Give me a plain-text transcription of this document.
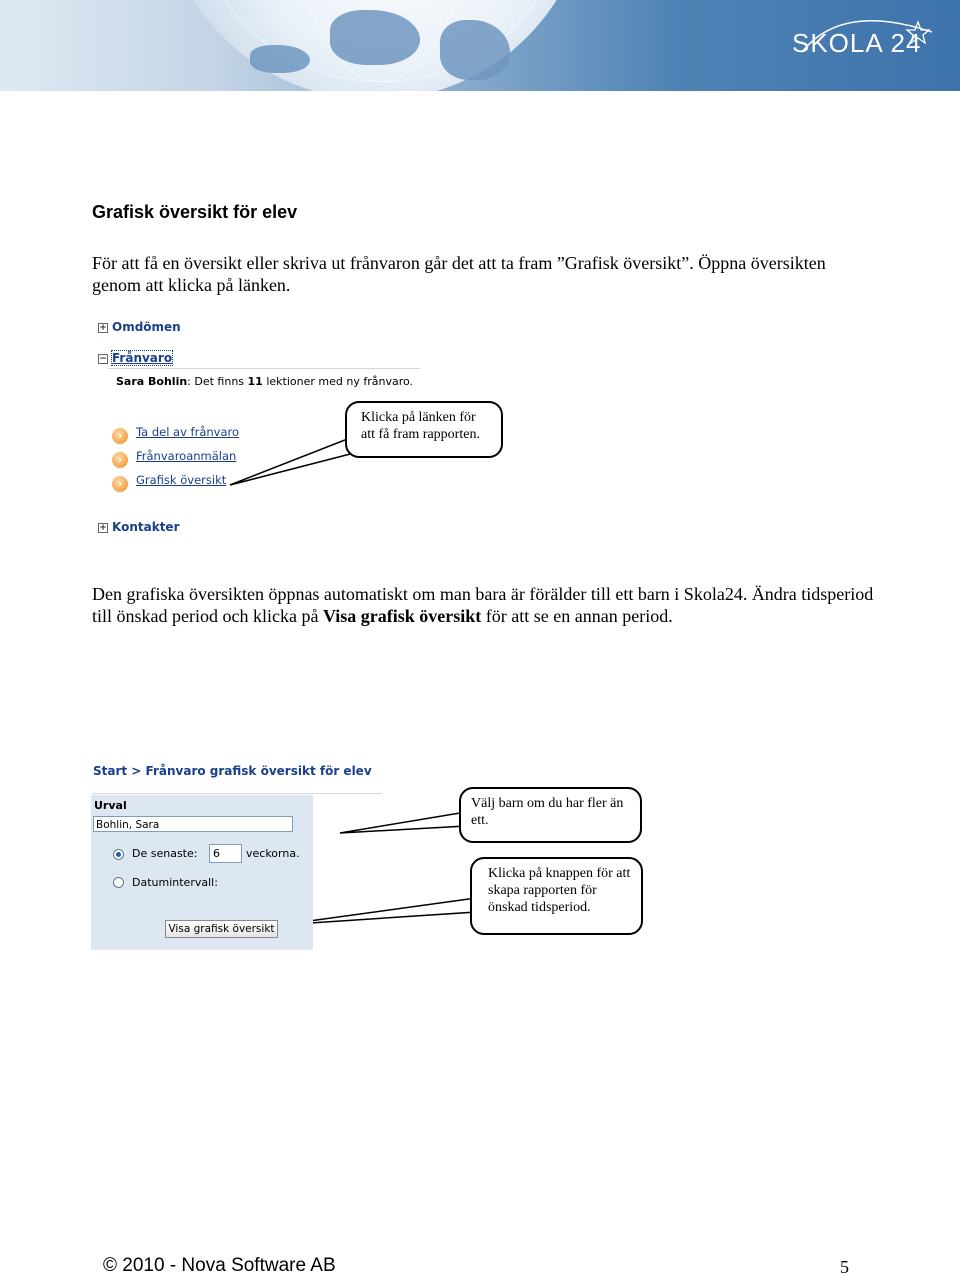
SKOLA 24
Grafisk översikt för elev
För att få en översikt eller skriva ut frånvaron går det att ta fram ”Grafisk översikt”. Öppna översikten genom att klicka på länken.
+ Omdömen
− Frånvaro
Sara Bohlin: Det finns 11 lektioner med ny frånvaro.
› Ta del av frånvaro
› Frånvaroanmälan
› Grafisk översikt
+ Kontakter
Klicka på länken för att få fram rapporten.
Den grafiska översikten öppnas automatiskt om man bara är förälder till ett barn i Skola24. Ändra tidsperiod till önskad period och klicka på Visa grafisk översikt för att se en annan period.
Start > Frånvaro grafisk översikt för elev
Urval
Bohlin, Sara
De senaste:	6	veckorna.
Datumintervall:
Visa grafisk översikt
Välj barn om du har fler än ett.
Klicka på knappen för att skapa rapporten för önskad tidsperiod.
© 2010 - Nova Software AB	5
